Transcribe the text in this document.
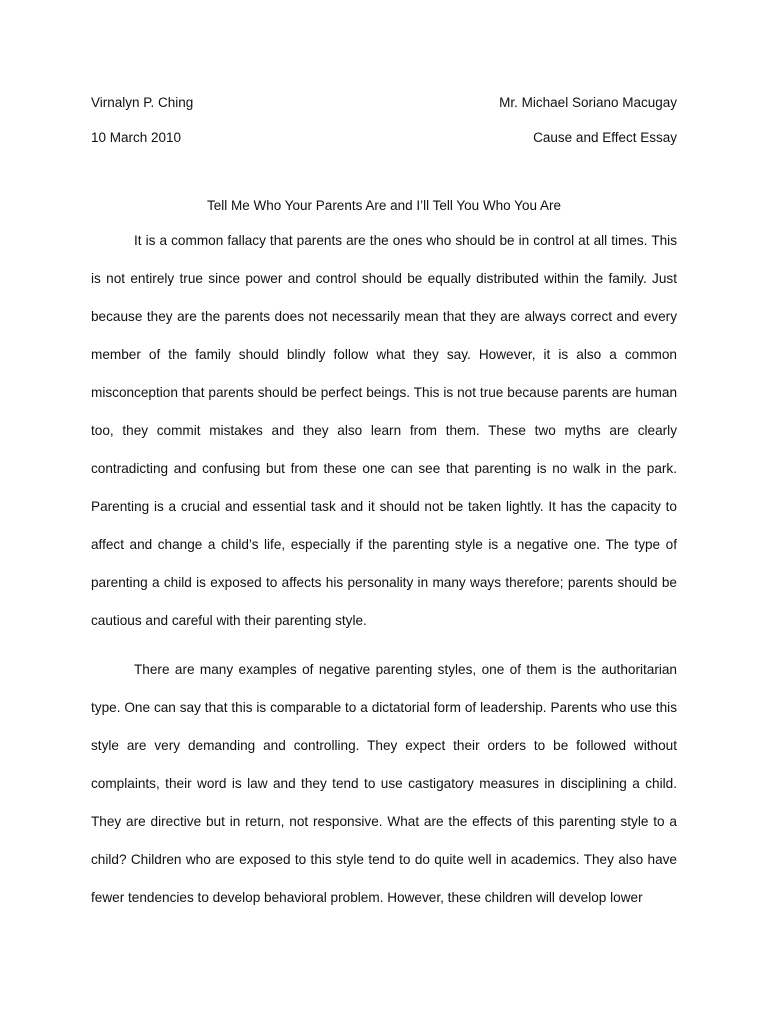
Virnalyn P. Ching	Mr. Michael Soriano Macugay
10 March 2010	Cause and Effect Essay
Tell Me Who Your Parents Are and I’ll Tell You Who You Are

It is a common fallacy that parents are the ones who should be in control at all times. This is not entirely true since power and control should be equally distributed within the family. Just because they are the parents does not necessarily mean that they are always correct and every member of the family should blindly follow what they say. However, it is also a common misconception that parents should be perfect beings. This is not true because parents are human too, they commit mistakes and they also learn from them. These two myths are clearly contradicting and confusing but from these one can see that parenting is no walk in the park. Parenting is a crucial and essential task and it should not be taken lightly. It has the capacity to affect and change a child’s life, especially if the parenting style is a negative one. The type of parenting a child is exposed to affects his personality in many ways therefore; parents should be cautious and careful with their parenting style.

There are many examples of negative parenting styles, one of them is the authoritarian type. One can say that this is comparable to a dictatorial form of leadership. Parents who use this style are very demanding and controlling. They expect their orders to be followed without complaints, their word is law and they tend to use castigatory measures in disciplining a child. They are directive but in return, not responsive. What are the effects of this parenting style to a child? Children who are exposed to this style tend to do quite well in academics. They also have fewer tendencies to develop behavioral problem. However, these children will develop lower
